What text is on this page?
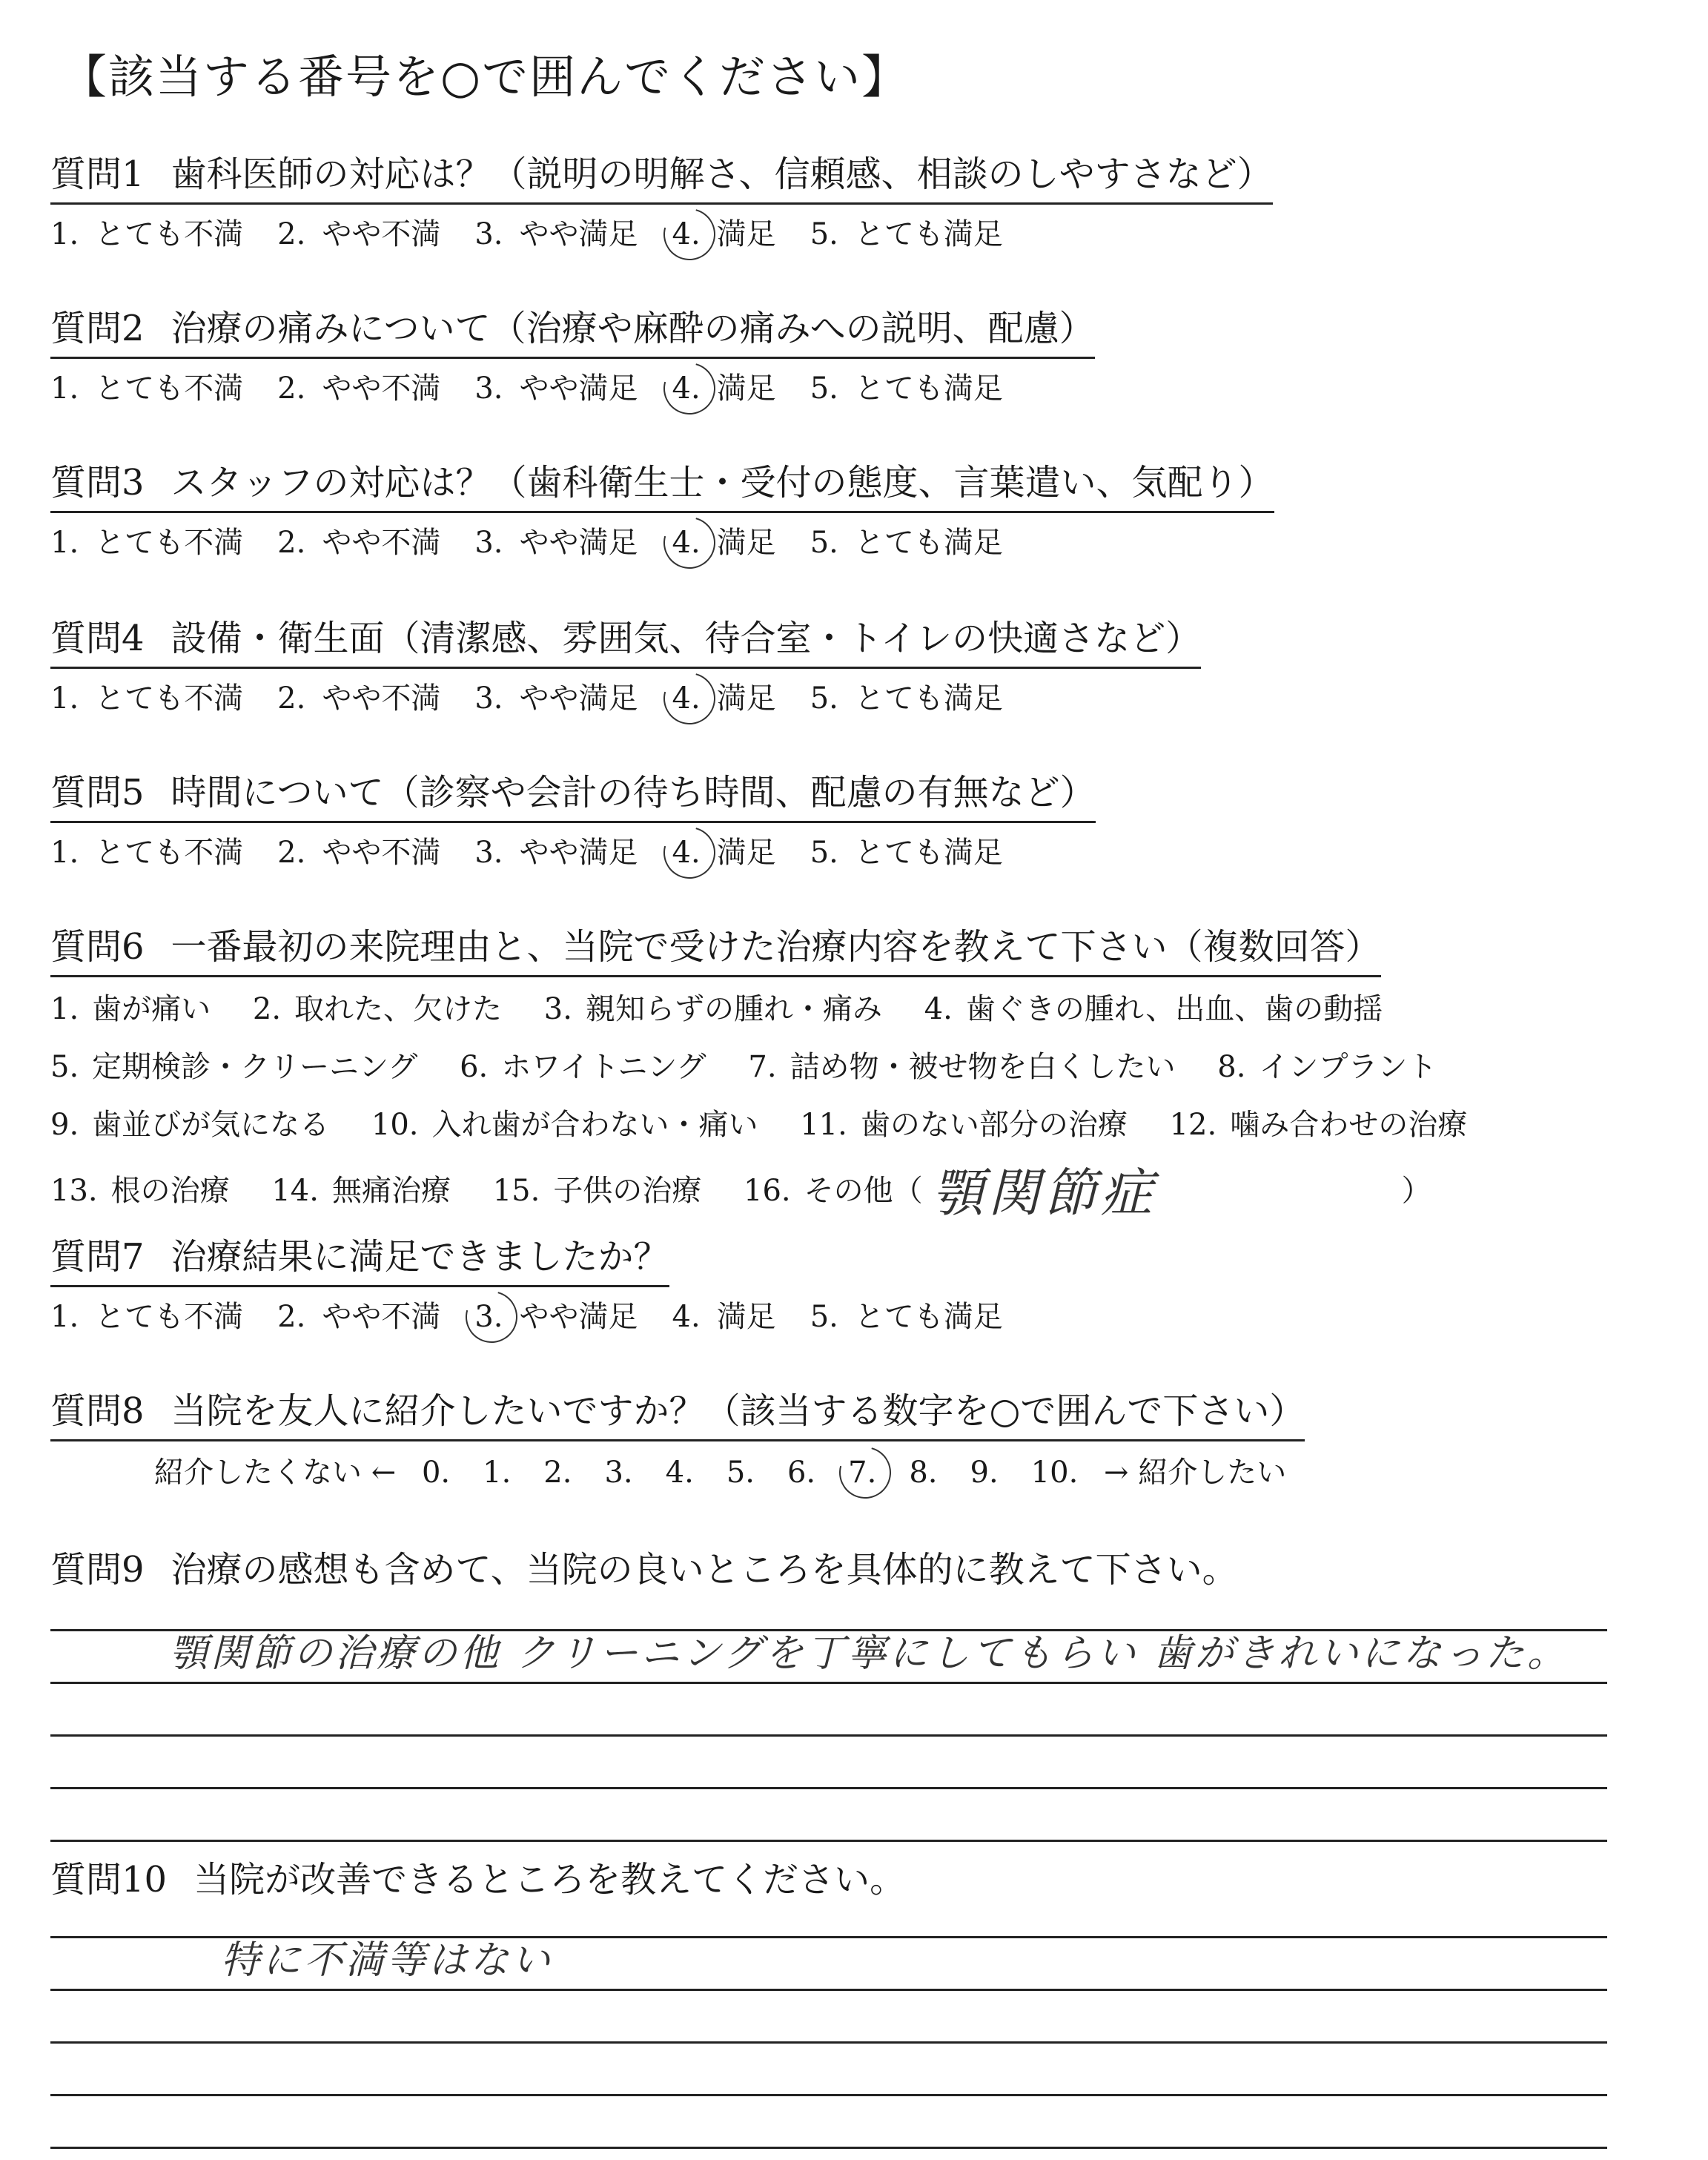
【該当する番号を○で囲んでください】
質問1 歯科医師の対応は？（説明の明解さ、信頼感、相談のしやすさなど）
1. とても不満 2. やや不満 3. やや満足 4. 満足 5. とても満足
質問2 治療の痛みについて（治療や麻酔の痛みへの説明、配慮）
1. とても不満 2. やや不満 3. やや満足 4. 満足 5. とても満足
質問3 スタッフの対応は？（歯科衛生士・受付の態度、言葉遣い、気配り）
1. とても不満 2. やや不満 3. やや満足 4. 満足 5. とても満足
質問4 設備・衛生面（清潔感、雰囲気、待合室・トイレの快適さなど）
1. とても不満 2. やや不満 3. やや満足 4. 満足 5. とても満足
質問5 時間について（診察や会計の待ち時間、配慮の有無など）
1. とても不満 2. やや不満 3. やや満足 4. 満足 5. とても満足
質問6 一番最初の来院理由と、当院で受けた治療内容を教えて下さい（複数回答）
1. 歯が痛い 2. 取れた、欠けた 3. 親知らずの腫れ・痛み 4. 歯ぐきの腫れ、出血、歯の動揺
5. 定期検診・クリーニング 6. ホワイトニング 7. 詰め物・被せ物を白くしたい 8. インプラント
9. 歯並びが気になる 10. 入れ歯が合わない・痛い 11. 歯のない部分の治療 12. 噛み合わせの治療
13. 根の治療 14. 無痛治療 15. 子供の治療 16. その他（ 顎関節症	）
質問7 治療結果に満足できましたか？
1. とても不満 2. やや不満 3. やや満足 4. 満足 5. とても満足
質問8 当院を友人に紹介したいですか？（該当する数字を○で囲んで下さい）
紹介したくない ← 0. 1. 2. 3. 4. 5. 6. 7. 8. 9. 10. → 紹介したい
質問9 治療の感想も含めて、当院の良いところを具体的に教えて下さい。
顎関節の治療の他 クリーニングを丁寧にしてもらい 歯がきれいになった。
質問10 当院が改善できるところを教えてください。
特に不満等はない
